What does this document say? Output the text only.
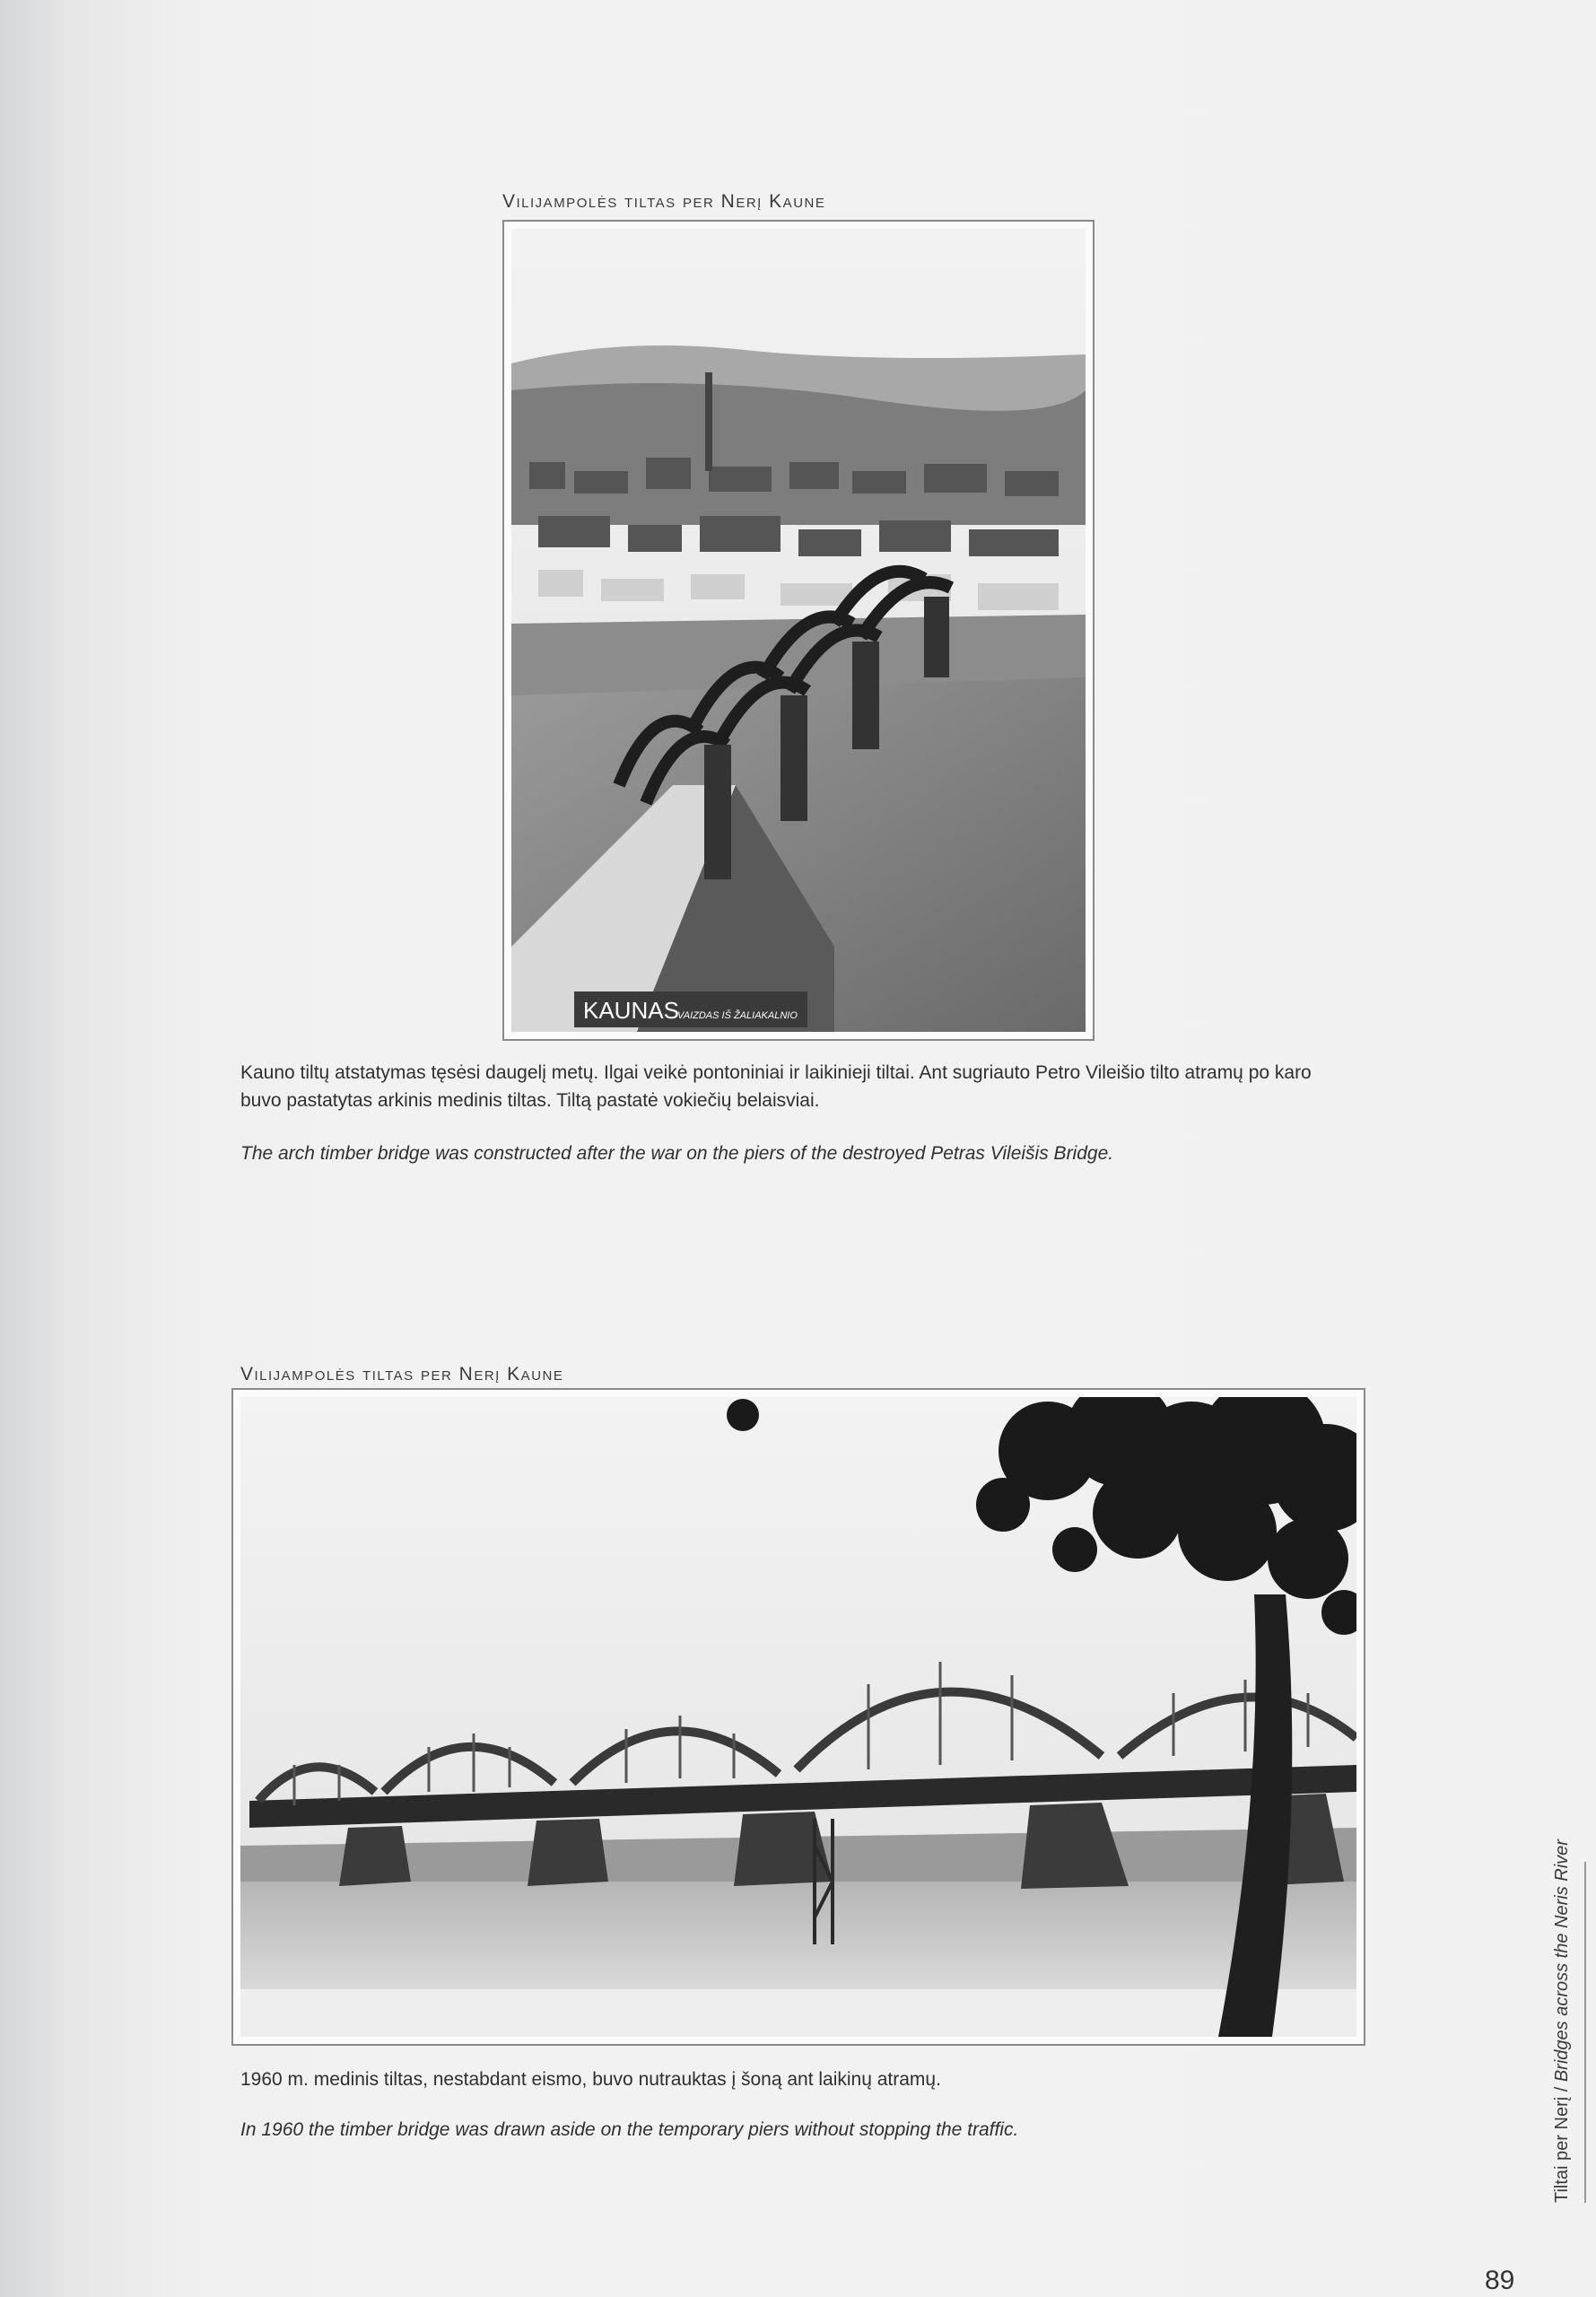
Vilijampolės tiltas per Nerį Kaune
KAUNAS
VAIZDAS IŠ ŽALIAKALNIO
Kauno tiltų atstatymas tęsėsi daugelį metų. Ilgai veikė pontoniniai ir laikinieji tiltai. Ant sugriauto Petro Vileišio tilto atramų po karo buvo pastatytas arkinis medinis tiltas. Tiltą pastatė vokiečių belaisviai.
The arch timber bridge was constructed after the war on the piers of the destroyed Petras Vileišis Bridge.
Vilijampolės tiltas per Nerį Kaune
1960 m. medinis tiltas, nestabdant eismo, buvo nutrauktas į šoną ant laikinų atramų.
In 1960 the timber bridge was drawn aside on the temporary piers without stopping the traffic.	Tiltai per Nerį / Bridges across the Neris River
89
